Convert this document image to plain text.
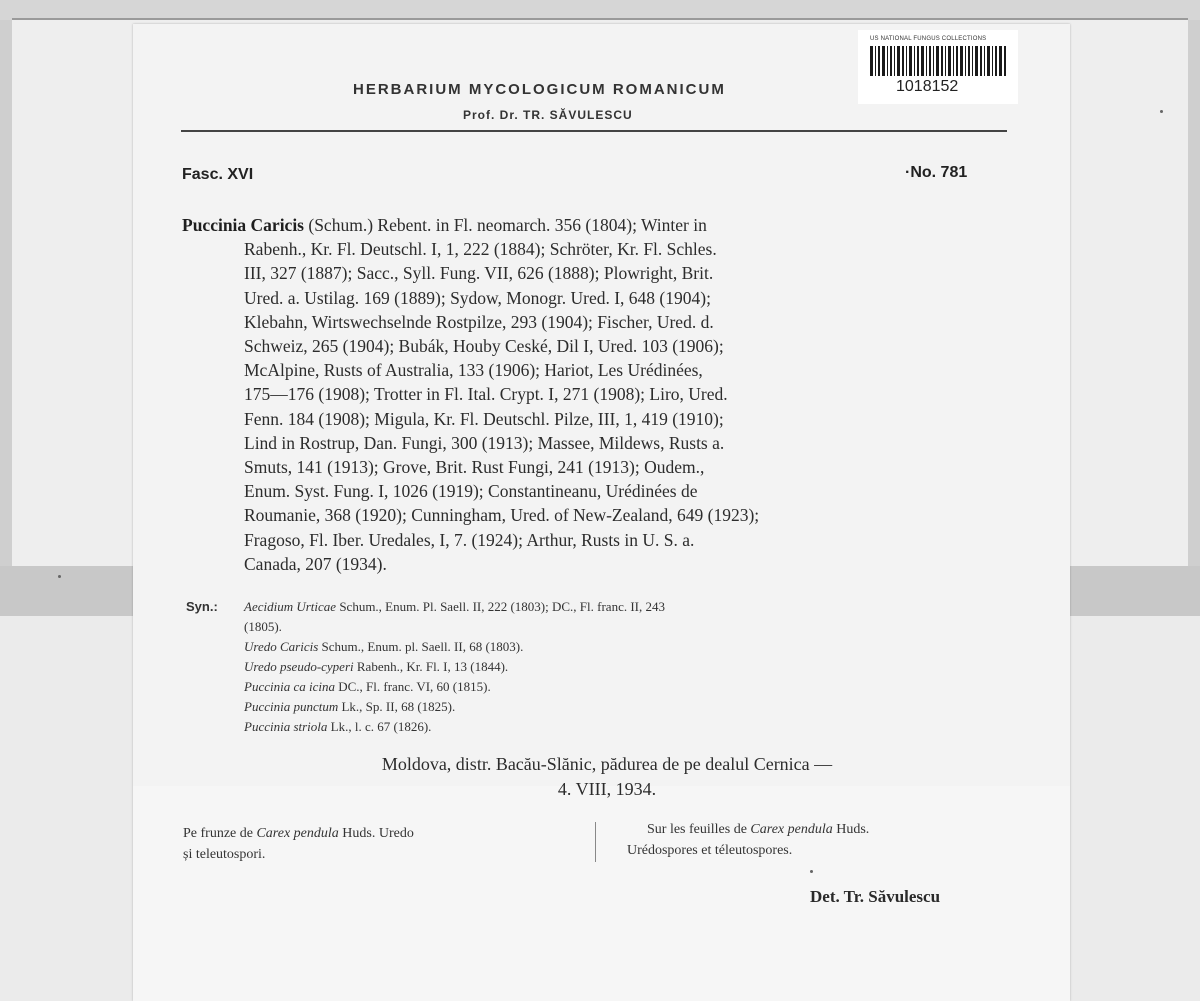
US NATIONAL FUNGUS COLLECTIONS
1018152
HERBARIUM MYCOLOGICUM ROMANICUM
Prof. Dr. TR. SĂVULESCU
Fasc. XVI	·No. 781
Puccinia Caricis (Schum.) Rebent. in Fl. neomarch. 356 (1804); Winter in
Rabenh., Kr. Fl. Deutschl. I, 1, 222 (1884); Schröter, Kr. Fl. Schles.
III, 327 (1887); Sacc., Syll. Fung. VII, 626 (1888); Plowright, Brit.
Ured. a. Ustilag. 169 (1889); Sydow, Monogr. Ured. I, 648 (1904);
Klebahn, Wirtswechselnde Rostpilze, 293 (1904); Fischer, Ured. d.
Schweiz, 265 (1904); Bubák, Houby Ceské, Dil I, Ured. 103 (1906);
McAlpine, Rusts of Australia, 133 (1906); Hariot, Les Urédinées,
175—176 (1908); Trotter in Fl. Ital. Crypt. I, 271 (1908); Liro, Ured.
Fenn. 184 (1908); Migula, Kr. Fl. Deutschl. Pilze, III, 1, 419 (1910);
Lind in Rostrup, Dan. Fungi, 300 (1913); Massee, Mildews, Rusts a.
Smuts, 141 (1913); Grove, Brit. Rust Fungi, 241 (1913); Oudem.,
Enum. Syst. Fung. I, 1026 (1919); Constantineanu, Urédinées de
Roumanie, 368 (1920); Cunningham, Ured. of New-Zealand, 649 (1923);
Fragoso, Fl. Iber. Uredales, I, 7. (1924); Arthur, Rusts in U. S. a.
Canada, 207 (1934).
Syn.: Aecidium Urticae Schum., Enum. Pl. Saell. II, 222 (1803); DC., Fl. franc. II, 243
(1805).
Uredo Caricis Schum., Enum. pl. Saell. II, 68 (1803).
Uredo pseudo-cyperi Rabenh., Kr. Fl. I, 13 (1844).
Puccinia ca icina DC., Fl. franc. VI, 60 (1815).
Puccinia punctum Lk., Sp. II, 68 (1825).
Puccinia striola Lk., l. c. 67 (1826).
Moldova, distr. Bacău-Slănic, pădurea de pe dealul Cernica —
4. VIII, 1934.
Pe frunze de Carex pendula Huds. Uredo
și teleutospori.
Sur les feuilles de Carex pendula Huds.
Urédospores et téleutospores.
Det. Tr. Săvulescu
